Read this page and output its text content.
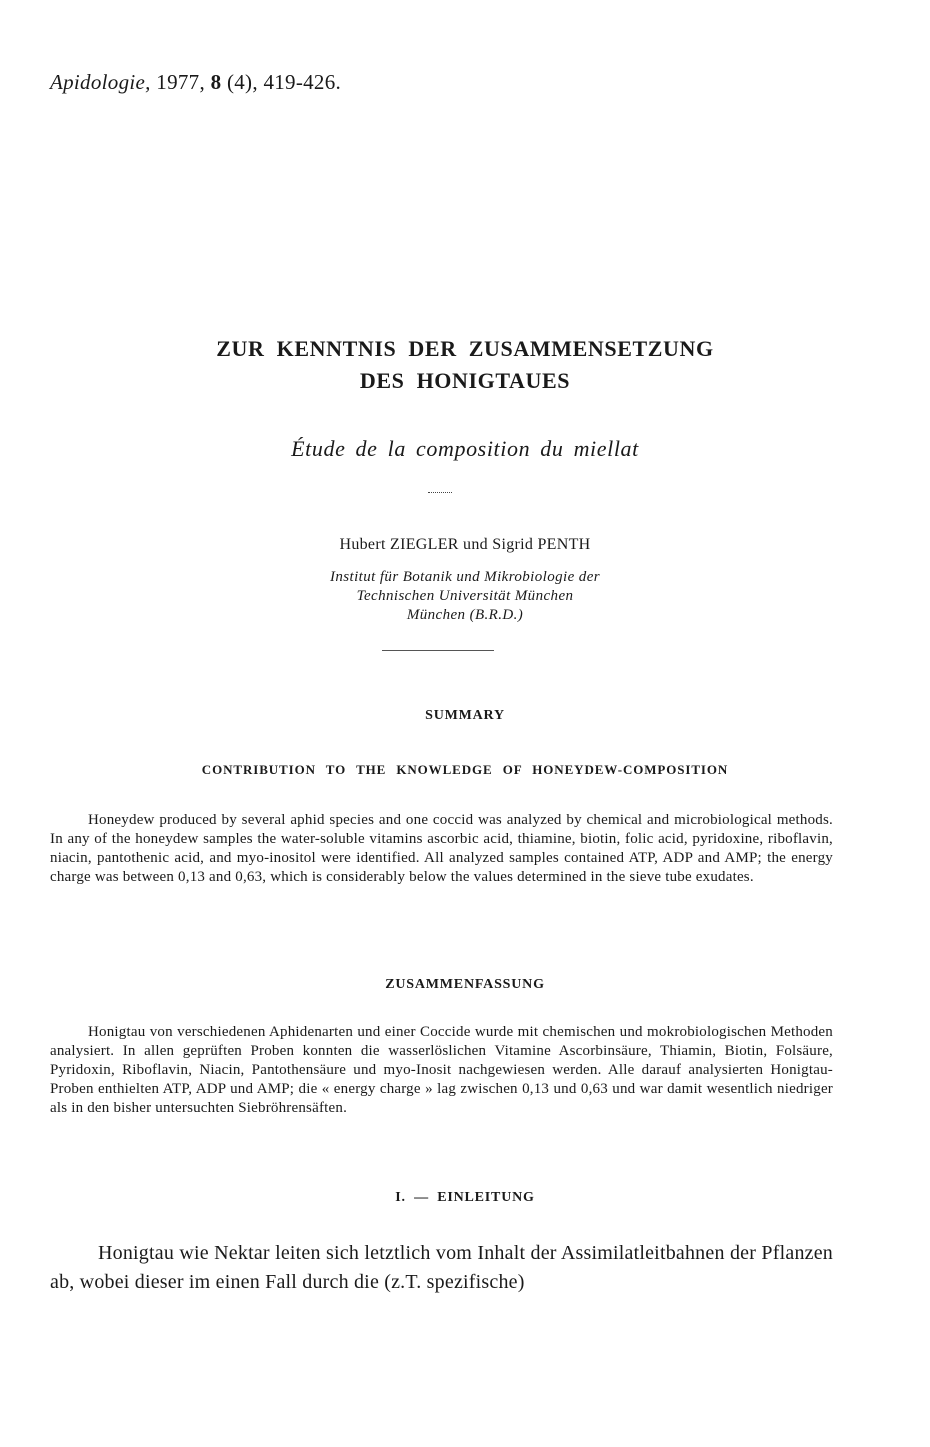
Apidologie, 1977, 8 (4), 419-426.
ZUR KENNTNIS DER ZUSAMMENSETZUNG
DES HONIGTAUES
Étude de la composition du miellat
Hubert ZIEGLER und Sigrid PENTH
Institut für Botanik und Mikrobiologie der
Technischen Universität München
München (B.R.D.)
SUMMARY
CONTRIBUTION TO THE KNOWLEDGE OF HONEYDEW-COMPOSITION

Honeydew produced by several aphid species and one coccid was analyzed by chemical and microbiological methods. In any of the honeydew samples the water-soluble vitamins ascorbic acid, thiamine, biotin, folic acid, pyridoxine, riboflavin, niacin, pantothenic acid, and myo-inositol were identified. All analyzed samples contained ATP, ADP and AMP; the energy charge was between 0,13 and 0,63, which is considerably below the values determined in the sieve tube exudates.

ZUSAMMENFASSUNG

Honigtau von verschiedenen Aphidenarten und einer Coccide wurde mit chemischen und mokrobiologischen Methoden analysiert. In allen geprüften Proben konnten die wasserlöslichen Vitamine Ascorbinsäure, Thiamin, Biotin, Folsäure, Pyridoxin, Riboflavin, Niacin, Pantothensäure und myo-Inosit nachgewiesen werden. Alle darauf analysierten Honigtau-Proben enthielten ATP, ADP und AMP; die « energy charge » lag zwischen 0,13 und 0,63 und war damit wesentlich niedriger als in den bisher untersuchten Siebröhrensäften.

I. — EINLEITUNG

Honigtau wie Nektar leiten sich letztlich vom Inhalt der Assimilatleitbahnen der Pflanzen ab, wobei dieser im einen Fall durch die (z.T. spezifische)
